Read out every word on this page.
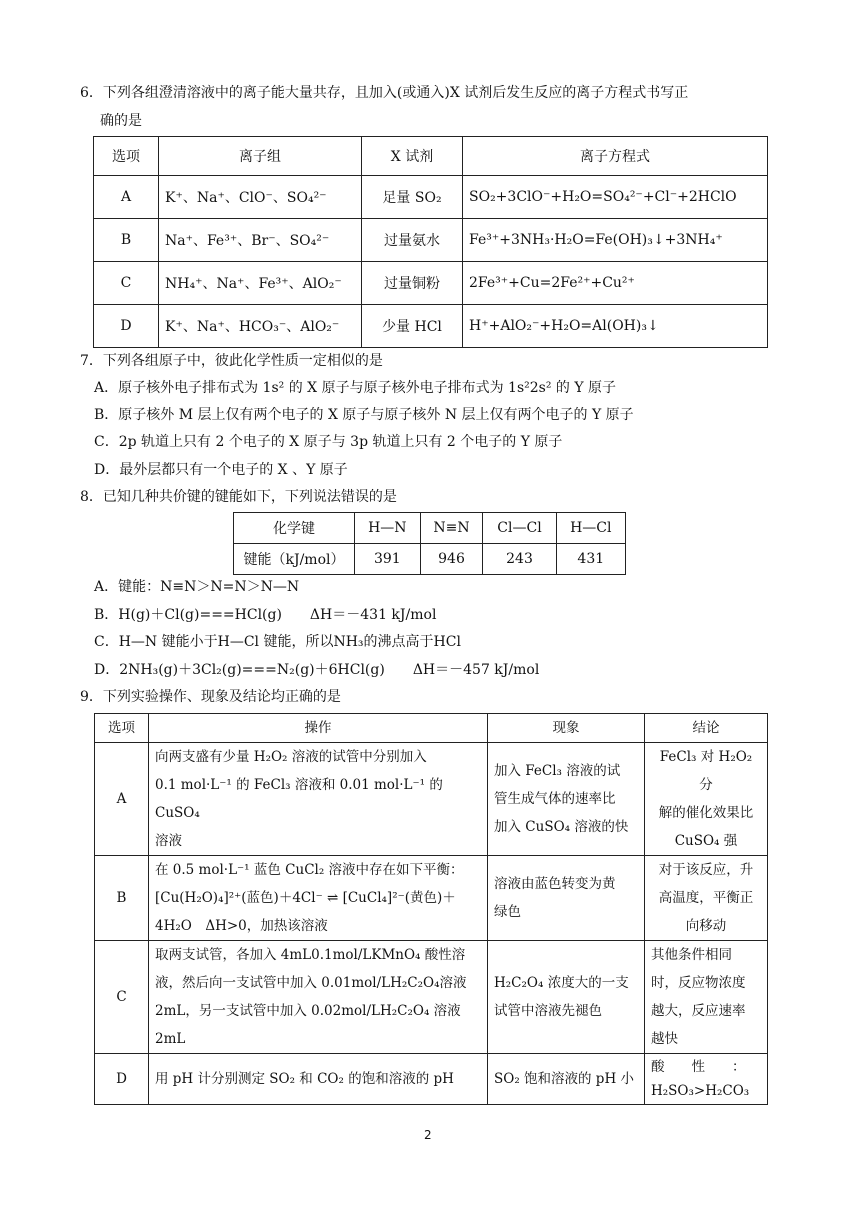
6．下列各组澄清溶液中的离子能大量共存，且加入(或通入)X 试剂后发生反应的离子方程式书写正
确的是
选项	离子组	X 试剂	离子方程式
A	K⁺、Na⁺、ClO⁻、SO₄²⁻	足量 SO₂	SO₂+3ClO⁻+H₂O=SO₄²⁻+Cl⁻+2HClO
B	Na⁺、Fe³⁺、Br⁻、SO₄²⁻	过量氨水	Fe³⁺+3NH₃·H₂O=Fe(OH)₃↓+3NH₄⁺
C	NH₄⁺、Na⁺、Fe³⁺、AlO₂⁻	过量铜粉	2Fe³⁺+Cu=2Fe²⁺+Cu²⁺
D	K⁺、Na⁺、HCO₃⁻、AlO₂⁻	少量 HCl	H⁺+AlO₂⁻+H₂O=Al(OH)₃↓
7．下列各组原子中，彼此化学性质一定相似的是
A．原子核外电子排布式为 1s² 的 X 原子与原子核外电子排布式为 1s²2s² 的 Y 原子
B．原子核外 M 层上仅有两个电子的 X 原子与原子核外 N 层上仅有两个电子的 Y 原子
C．2p 轨道上只有 2 个电子的 X 原子与 3p 轨道上只有 2 个电子的 Y 原子
D．最外层都只有一个电子的 X 、Y 原子
8．已知几种共价键的键能如下，下列说法错误的是
化学键	H—N	N≡N	Cl—Cl	H—Cl
键能（kJ/mol）	391	946	243	431
A．键能：N≡N＞N=N＞N—N
B．H(g)＋Cl(g)===HCl(g)　　ΔH＝－431 kJ/mol
C．H—N 键能小于H—Cl 键能，所以NH₃的沸点高于HCl
D．2NH₃(g)＋3Cl₂(g)===N₂(g)＋6HCl(g)　　ΔH＝－457 kJ/mol
9．下列实验操作、现象及结论均正确的是
选项	操作	现象	结论
A	向两支盛有少量 H₂O₂ 溶液的试管中分别加入
0.1 mol·L⁻¹ 的 FeCl₃ 溶液和 0.01 mol·L⁻¹ 的 CuSO₄
溶液	加入 FeCl₃ 溶液的试
管生成气体的速率比
加入 CuSO₄ 溶液的快	FeCl₃ 对 H₂O₂ 分
解的催化效果比
CuSO₄ 强
B	在 0.5 mol·L⁻¹ 蓝色 CuCl₂ 溶液中存在如下平衡：
[Cu(H₂O)₄]²⁺(蓝色)＋4Cl⁻ ⇌ [CuCl₄]²⁻(黄色)＋
4H₂O　ΔH>0，加热该溶液	溶液由蓝色转变为黄
绿色	对于该反应，升
高温度，平衡正
向移动
C	取两支试管，各加入 4mL0.1mol/LKMnO₄ 酸性溶
液，然后向一支试管中加入 0.01mol/LH₂C₂O₄溶液
2mL，另一支试管中加入 0.02mol/LH₂C₂O₄ 溶液
2mL	H₂C₂O₄ 浓度大的一支
试管中溶液先褪色	其他条件相同
时，反应物浓度
越大，反应速率
越快
D	用 pH 计分别测定 SO₂ 和 CO₂ 的饱和溶液的 pH	SO₂ 饱和溶液的 pH 小	酸　　性　　：
H₂SO₃>H₂CO₃
2
